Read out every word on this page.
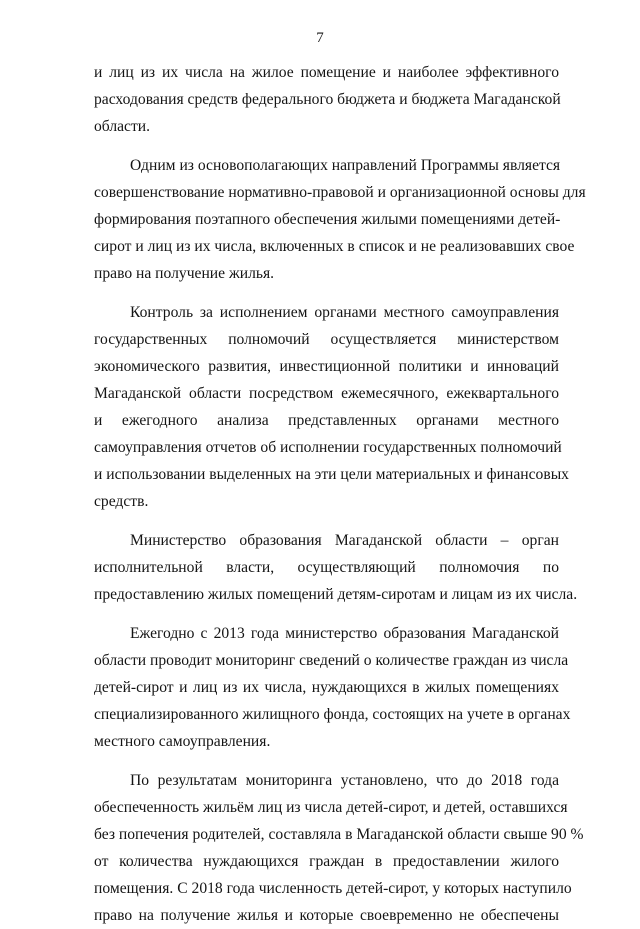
7
и лиц из их числа на жилое помещение и наиболее эффективного
расходования средств федерального бюджета и бюджета Магаданской
области.
Одним из основополагающих направлений Программы является
совершенствование нормативно-правовой и организационной основы для
формирования поэтапного обеспечения жилыми помещениями детей-
сирот и лиц из их числа, включенных в список и не реализовавших свое
право на получение жилья.
Контроль за исполнением органами местного самоуправления
государственных полномочий осуществляется министерством
экономического развития, инвестиционной политики и инноваций
Магаданской области посредством ежемесячного, ежеквартального
и ежегодного анализа представленных органами местного
самоуправления отчетов об исполнении государственных полномочий
и использовании выделенных на эти цели материальных и финансовых
средств.
Министерство образования Магаданской области – орган
исполнительной власти, осуществляющий полномочия по
предоставлению жилых помещений детям-сиротам и лицам из их числа.
Ежегодно с 2013 года министерство образования Магаданской
области проводит мониторинг сведений о количестве граждан из числа
детей-сирот и лиц из их числа, нуждающихся в жилых помещениях
специализированного жилищного фонда, состоящих на учете в органах
местного самоуправления.
По результатам мониторинга установлено, что до 2018 года
обеспеченность жильём лиц из числа детей-сирот, и детей, оставшихся
без попечения родителей, составляла в Магаданской области свыше 90 %
от количества нуждающихся граждан в предоставлении жилого
помещения. С 2018 года численность детей-сирот, у которых наступило
право на получение жилья и которые своевременно не обеспечены
